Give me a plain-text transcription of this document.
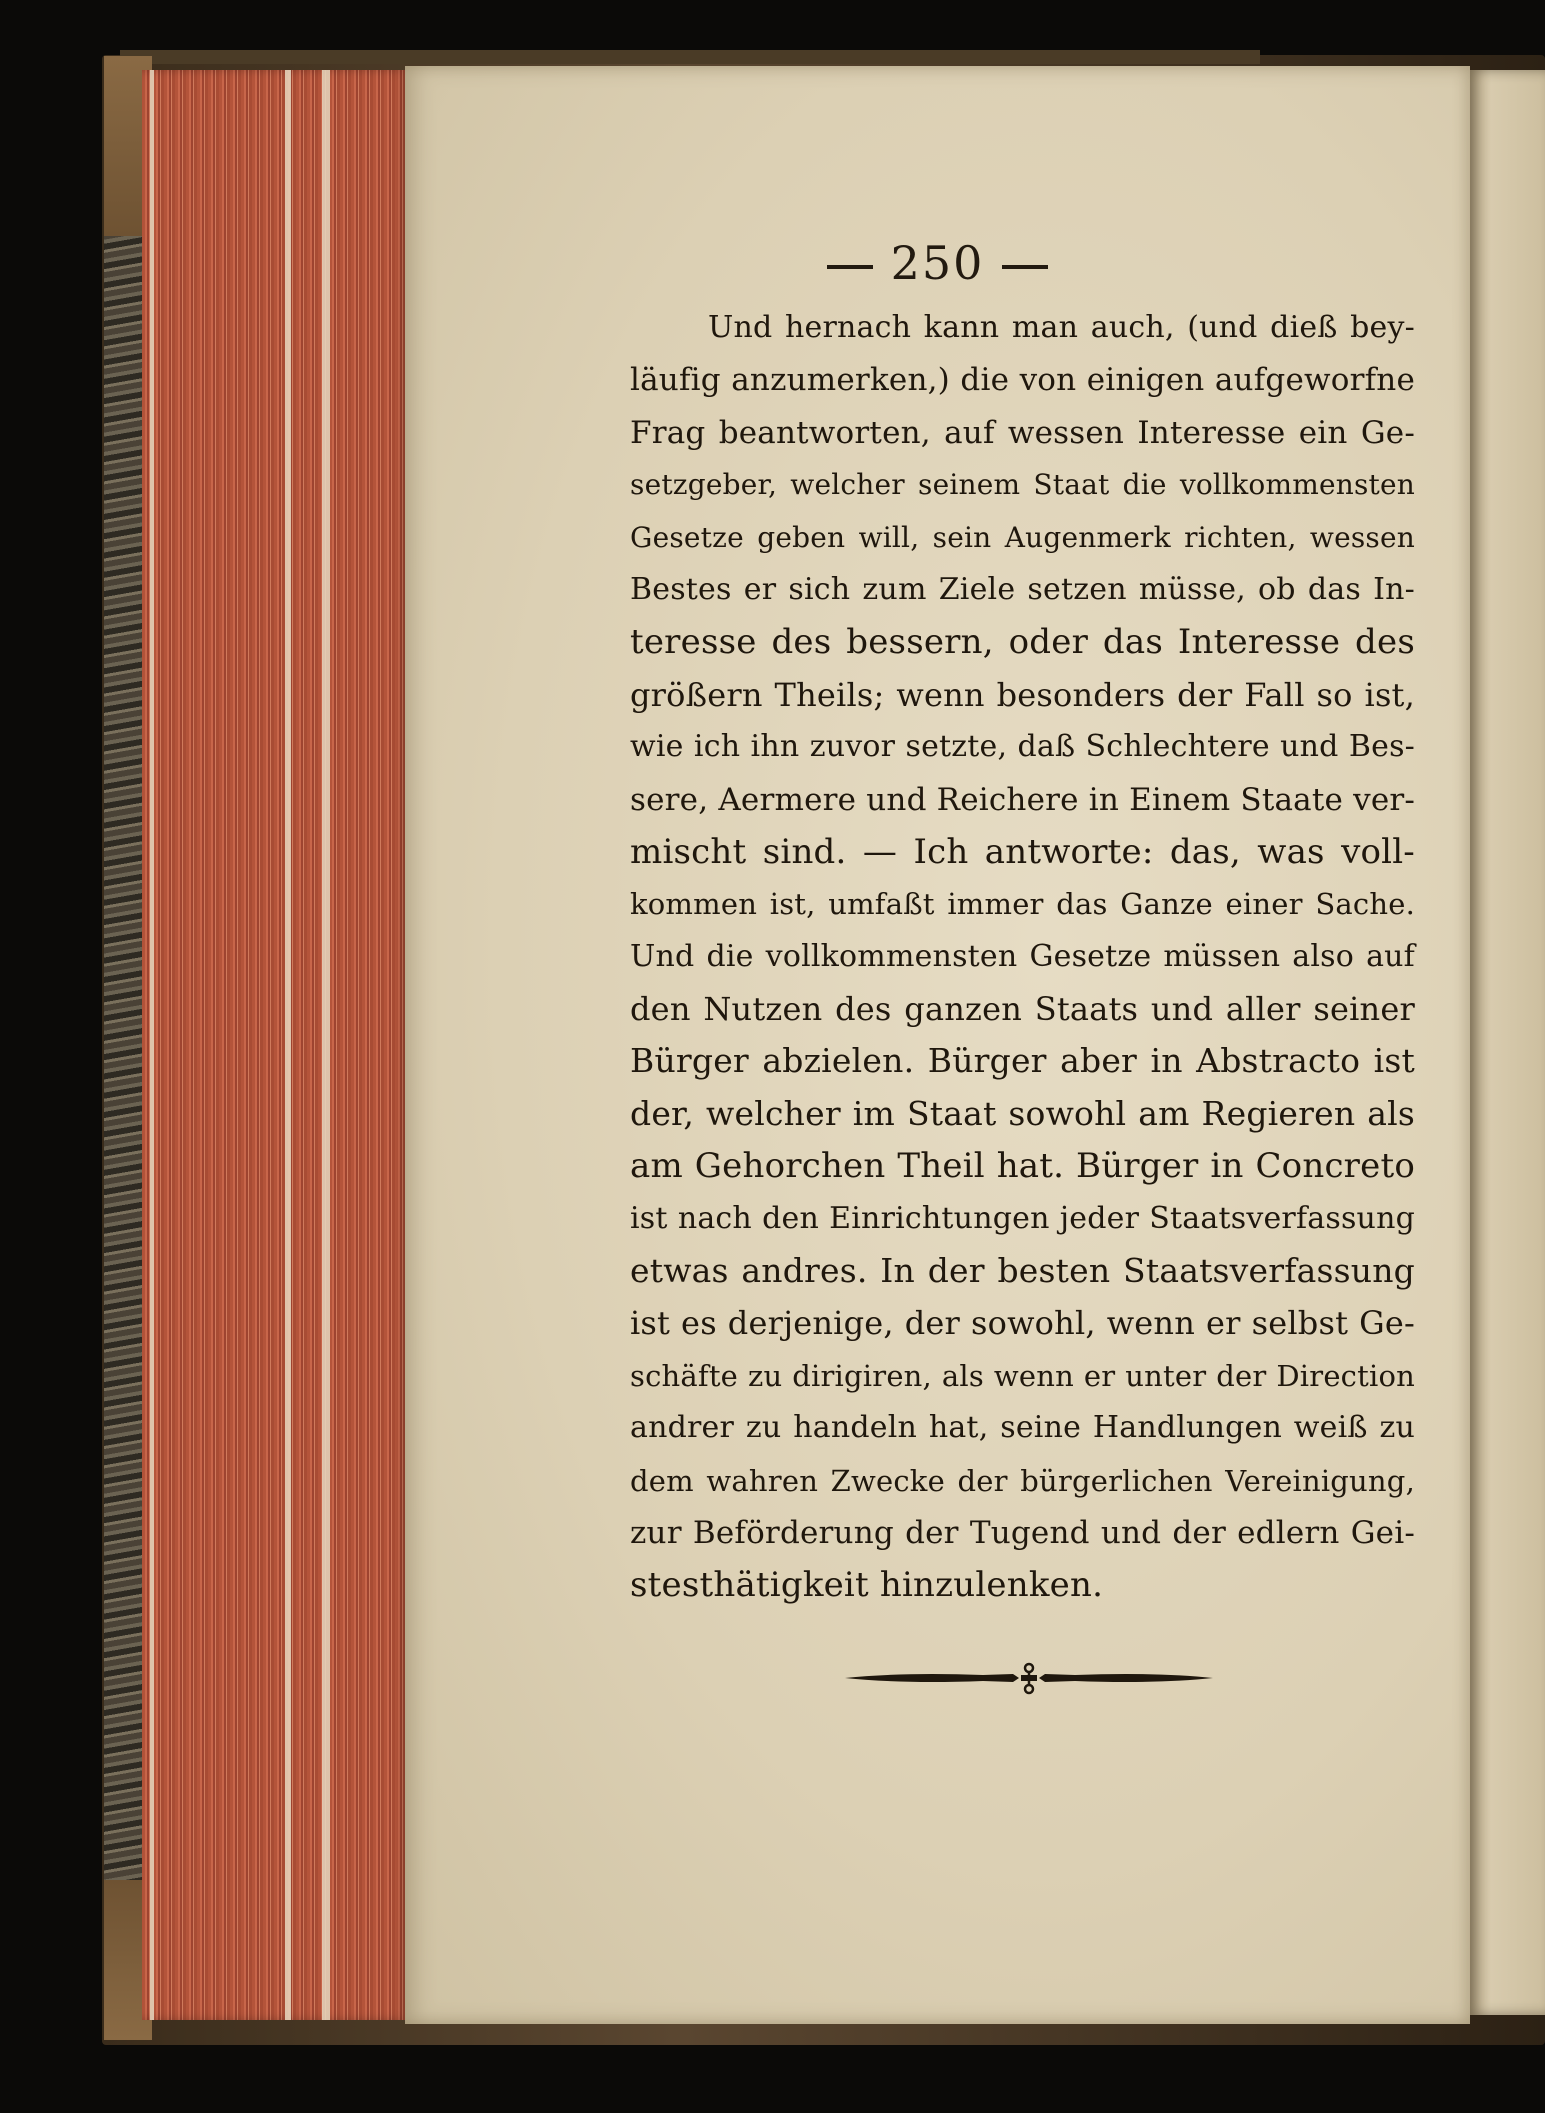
250
Und hernach kann man auch, (und dieß bey-
läufig anzumerken,) die von einigen aufgeworfne
Frag beantworten, auf wessen Interesse ein Ge-
setzgeber, welcher seinem Staat die vollkommensten
Gesetze geben will, sein Augenmerk richten, wessen
Bestes er sich zum Ziele setzen müsse, ob das In-
teresse des bessern, oder das Interesse des
größern Theils; wenn besonders der Fall so ist,
wie ich ihn zuvor setzte, daß Schlechtere und Bes-
sere, Aermere und Reichere in Einem Staate ver-
mischt sind. — Ich antworte: das, was voll-
kommen ist, umfaßt immer das Ganze einer Sache.
Und die vollkommensten Gesetze müssen also auf
den Nutzen des ganzen Staats und aller seiner
Bürger abzielen. Bürger aber in Abstracto ist
der, welcher im Staat sowohl am Regieren als
am Gehorchen Theil hat. Bürger in Concreto
ist nach den Einrichtungen jeder Staatsverfassung
etwas andres. In der besten Staatsverfassung
ist es derjenige, der sowohl, wenn er selbst Ge-
schäfte zu dirigiren, als wenn er unter der Direction
andrer zu handeln hat, seine Handlungen weiß zu
dem wahren Zwecke der bürgerlichen Vereinigung,
zur Beförderung der Tugend und der edlern Gei-
stesthätigkeit hinzulenken.
